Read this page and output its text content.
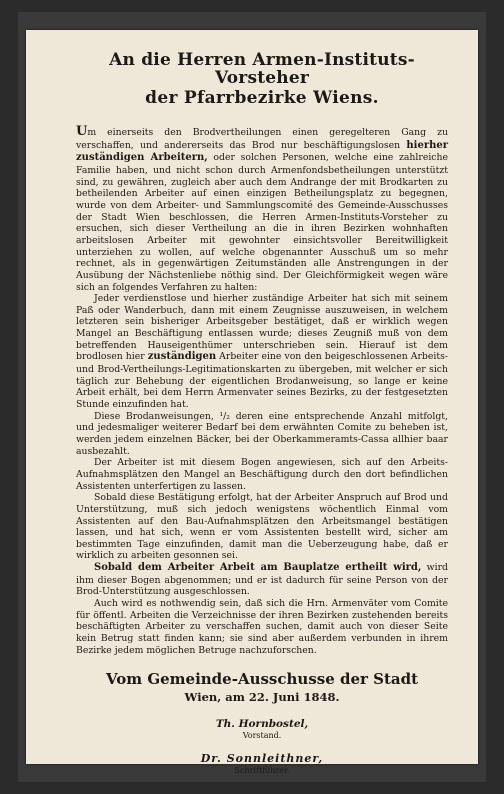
An die Herren Armen-Instituts-Vorsteher
der Pfarrbezirke Wiens.

Um einerseits den Brodvertheilungen einen geregelteren Gang zu verschaffen, und andererseits das Brod nur beschäftigungslosen hierher zuständigen Arbeitern, oder solchen Personen, welche eine zahlreiche Familie haben, und nicht schon durch Armenfondsbetheilungen unterstützt sind, zu gewähren, zugleich aber auch dem Andrange der mit Brodkarten zu betheilenden Arbeiter auf einen einzigen Betheilungsplatz zu begegnen, wurde von dem Arbeiter- und Sammlungscomité des Gemeinde-Ausschusses der Stadt Wien beschlossen, die Herren Armen-Instituts-Vorsteher zu ersuchen, sich dieser Vertheilung an die in ihren Bezirken wohnhaften arbeitslosen Arbeiter mit gewohnter einsichtsvoller Bereitwilligkeit unterziehen zu wollen, auf welche obgenannter Ausschuß um so mehr rechnet, als in gegenwärtigen Zeitumständen alle Anstrengungen in der Ausübung der Nächstenliebe nöthig sind. Der Gleichförmigkeit wegen wäre sich an folgendes Verfahren zu halten:

Jeder verdienstlose und hierher zuständige Arbeiter hat sich mit seinem Paß oder Wanderbuch, dann mit einem Zeugnisse auszuweisen, in welchem letzteren sein bisheriger Arbeitsgeber bestätiget, daß er wirklich wegen Mangel an Beschäftigung entlassen wurde; dieses Zeugniß muß von dem betreffenden Hauseigenthümer unterschrieben sein. Hierauf ist dem brodlosen hier zuständigen Arbeiter eine von den beigeschlossenen Arbeits- und Brod-Vertheilungs-Legitimationskarten zu übergeben, mit welcher er sich täglich zur Behebung der eigentlichen Brodanweisung, so lange er keine Arbeit erhält, bei dem Herrn Armenvater seines Bezirks, zu der festgesetzten Stunde einzufinden hat.

Diese Brodanweisungen, ¹/₂ deren eine entsprechende Anzahl mitfolgt, und jedesmaliger weiterer Bedarf bei dem erwähnten Comite zu beheben ist, werden jedem einzelnen Bäcker, bei der Oberkammeramts-Cassa allhier baar ausbezahlt.

Der Arbeiter ist mit diesem Bogen angewiesen, sich auf den Arbeits-Aufnahmsplätzen den Mangel an Beschäftigung durch den dort befindlichen Assistenten unterfertigen zu lassen.

Sobald diese Bestätigung erfolgt, hat der Arbeiter Anspruch auf Brod und Unterstützung, muß sich jedoch wenigstens wöchentlich Einmal vom Assistenten auf den Bau-Aufnahmsplätzen den Arbeitsmangel bestätigen lassen, und hat sich, wenn er vom Assistenten bestellt wird, sicher am bestimmten Tage einzufinden, damit man die Ueberzeugung habe, daß er wirklich zu arbeiten gesonnen sei.

Sobald dem Arbeiter Arbeit am Bauplatze ertheilt wird, wird ihm dieser Bogen abgenommen; und er ist dadurch für seine Person von der Brod-Unterstützung ausgeschlossen.

Auch wird es nothwendig sein, daß sich die Hrn. Armenväter vom Comite für öffentl. Arbeiten die Verzeichnisse der ihren Bezirken zustehenden bereits beschäftigten Arbeiter zu verschaffen suchen, damit auch von dieser Seite kein Betrug statt finden kann; sie sind aber außerdem verbunden in ihrem Bezirke jedem möglichen Betruge nachzuforschen.

Vom Gemeinde-Ausschusse der Stadt
Wien, am 22. Juni 1848.
Th. Hornbostel,
Vorstand.
Dr. Sonnleithner,
Schriftführer.
